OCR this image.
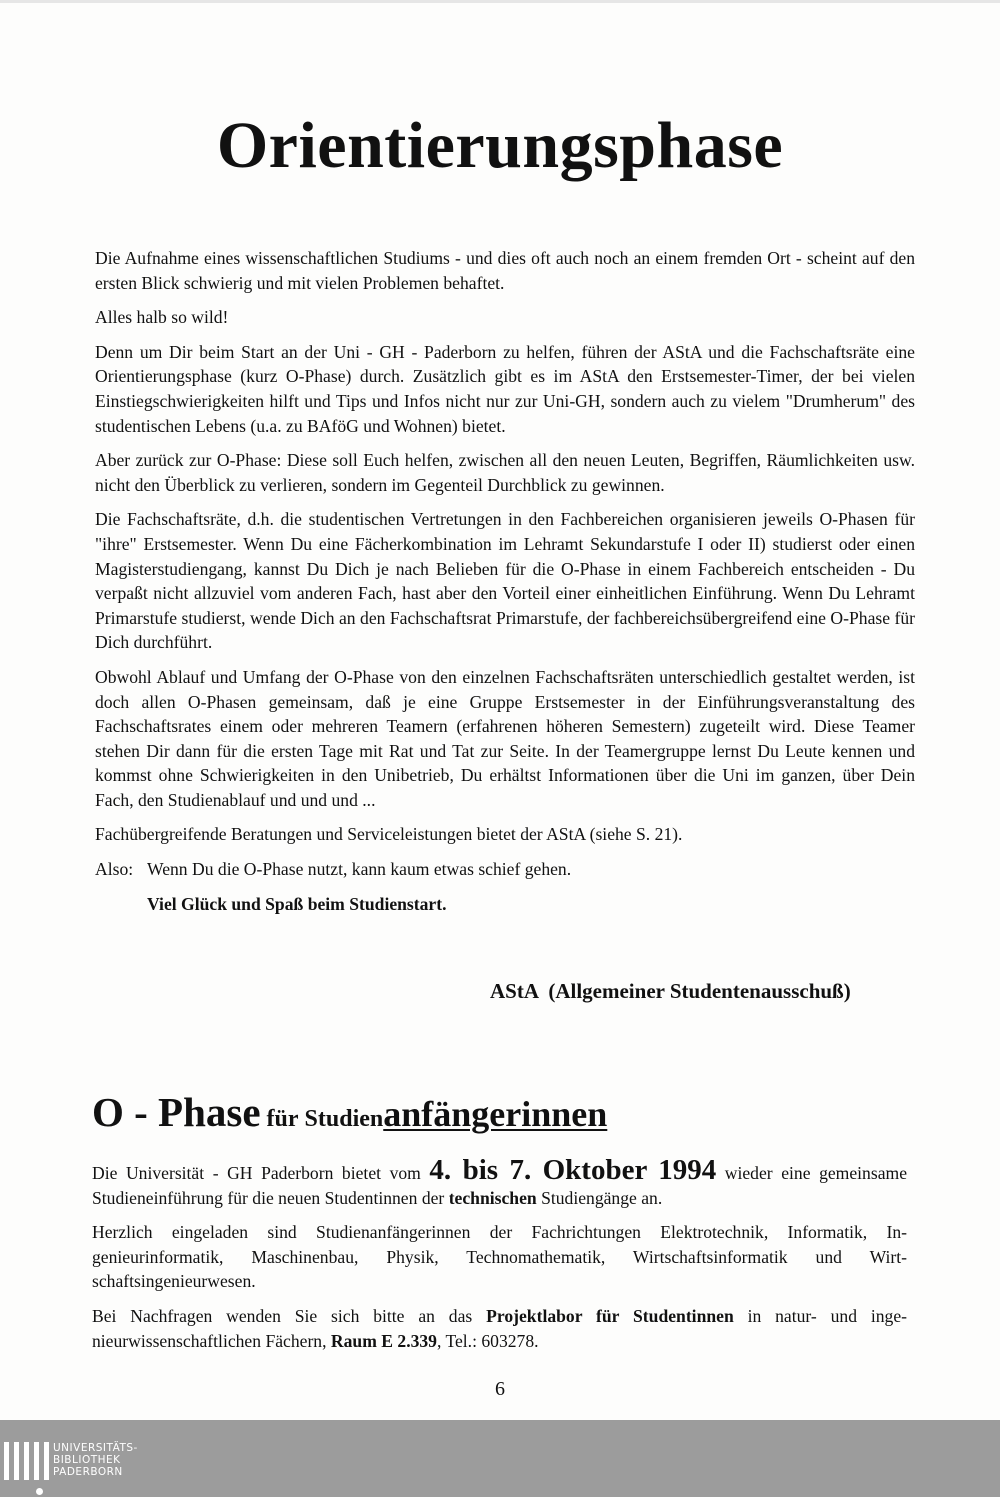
Orientierungsphase

Die Aufnahme eines wissenschaftlichen Studiums - und dies oft auch noch an einem fremden Ort - scheint auf den ersten Blick schwierig und mit vielen Problemen behaftet.

Alles halb so wild!

Denn um Dir beim Start an der Uni - GH - Paderborn zu helfen, führen der AStA und die Fachschaftsräte eine Orientierungsphase (kurz O-Phase) durch. Zusätzlich gibt es im AStA den Erstsemester-Timer, der bei vielen Einstiegschwierigkeiten hilft und Tips und Infos nicht nur zur Uni-GH, sondern auch zu vielem "Drumherum" des studentischen Lebens (u.a. zu BAföG und Wohnen) bietet.

Aber zurück zur O-Phase: Diese soll Euch helfen, zwischen all den neuen Leuten, Begriffen, Räumlichkeiten usw. nicht den Überblick zu verlieren, sondern im Gegenteil Durchblick zu gewinnen.

Die Fachschaftsräte, d.h. die studentischen Vertretungen in den Fachbereichen organisieren jeweils O-Phasen für "ihre" Erstsemester. Wenn Du eine Fächerkombination im Lehramt Sekundarstufe I oder II) studierst oder einen Magisterstudiengang, kannst Du Dich je nach Belieben für die O-Phase in einem Fachbereich entscheiden - Du verpaßt nicht allzuviel vom anderen Fach, hast aber den Vorteil einer einheitlichen Einführung. Wenn Du Lehramt Primarstufe studierst, wende Dich an den Fachschaftsrat Primarstufe, der fachbereichsübergreifend eine O-Phase für Dich durchführt.

Obwohl Ablauf und Umfang der O-Phase von den einzelnen Fachschaftsräten unterschiedlich gestaltet werden, ist doch allen O-Phasen gemeinsam, daß je eine Gruppe Erstsemester in der Einführungsveranstaltung des Fachschaftsrates einem oder mehreren Teamern (erfahrenen höheren Semestern) zugeteilt wird. Diese Teamer stehen Dir dann für die ersten Tage mit Rat und Tat zur Seite. In der Teamergruppe lernst Du Leute kennen und kommst ohne Schwierigkeiten in den Unibetrieb, Du erhältst Informationen über die Uni im ganzen, über Dein Fach, den Studienablauf und und und ...

Fachübergreifende Beratungen und Serviceleistungen bietet der AStA (siehe S. 21).

Also: Wenn Du die O-Phase nutzt, kann kaum etwas schief gehen.

Viel Glück und Spaß beim Studienstart.

AStA  (Allgemeiner Studentenausschuß)
O - Phase für Studienanfängerinnen

Die Universität - GH Paderborn bietet vom 4. bis 7. Oktober 1994 wieder eine gemeinsame Studieneinführung für die neuen Studentinnen der technischen Studiengänge an.

Herzlich eingeladen sind Studienanfängerinnen der Fachrichtungen Elektrotechnik, Informatik, Ingenieurinformatik, Maschinenbau, Physik, Technomathematik, Wirtschaftsinformatik und Wirtschaftsingenieurwesen.

Bei Nachfragen wenden Sie sich bitte an das Projektlabor für Studentinnen in natur- und ingenieurwissenschaftlichen Fächern, Raum E 2.339, Tel.: 603278.

6
UNIVERSITÄTS-
BIBLIOTHEK
PADERBORN
